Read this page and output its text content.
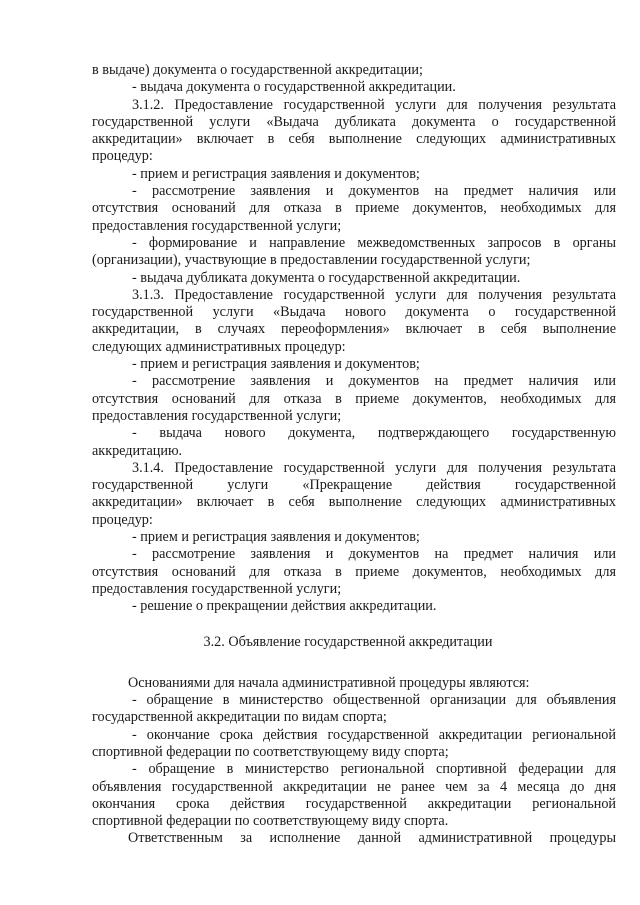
в выдаче) документа о государственной аккредитации;
- выдача документа о государственной аккредитации.
3.1.2. Предоставление государственной услуги для получения результата
государственной услуги «Выдача дубликата документа о государственной
аккредитации» включает в себя выполнение следующих административных
процедур:
- прием и регистрация заявления и документов;
- рассмотрение заявления и документов на предмет наличия или
отсутствия оснований для отказа в приеме документов, необходимых для
предоставления государственной услуги;
- формирование и направление межведомственных запросов в органы
(организации), участвующие в предоставлении государственной услуги;
- выдача дубликата документа о государственной аккредитации.
3.1.3. Предоставление государственной услуги для получения результата
государственной услуги «Выдача нового документа о государственной
аккредитации, в случаях переоформления» включает в себя выполнение
следующих административных процедур:
- прием и регистрация заявления и документов;
- рассмотрение заявления и документов на предмет наличия или
отсутствия оснований для отказа в приеме документов, необходимых для
предоставления государственной услуги;
- выдача нового документа, подтверждающего государственную
аккредитацию.
3.1.4. Предоставление государственной услуги для получения результата
государственной услуги «Прекращение действия государственной
аккредитации» включает в себя выполнение следующих административных
процедур:
- прием и регистрация заявления и документов;
- рассмотрение заявления и документов на предмет наличия или
отсутствия оснований для отказа в приеме документов, необходимых для
предоставления государственной услуги;
- решение о прекращении действия аккредитации.
3.2. Объявление государственной аккредитации
Основаниями для начала административной процедуры являются:
- обращение в министерство общественной организации для объявления
государственной аккредитации по видам спорта;
- окончание срока действия государственной аккредитации региональной
спортивной федерации по соответствующему виду спорта;
- обращение в министерство региональной спортивной федерации для
объявления государственной аккредитации не ранее чем за 4 месяца до дня
окончания срока действия государственной аккредитации региональной
спортивной федерации по соответствующему виду спорта.
Ответственным за исполнение данной административной процедуры
